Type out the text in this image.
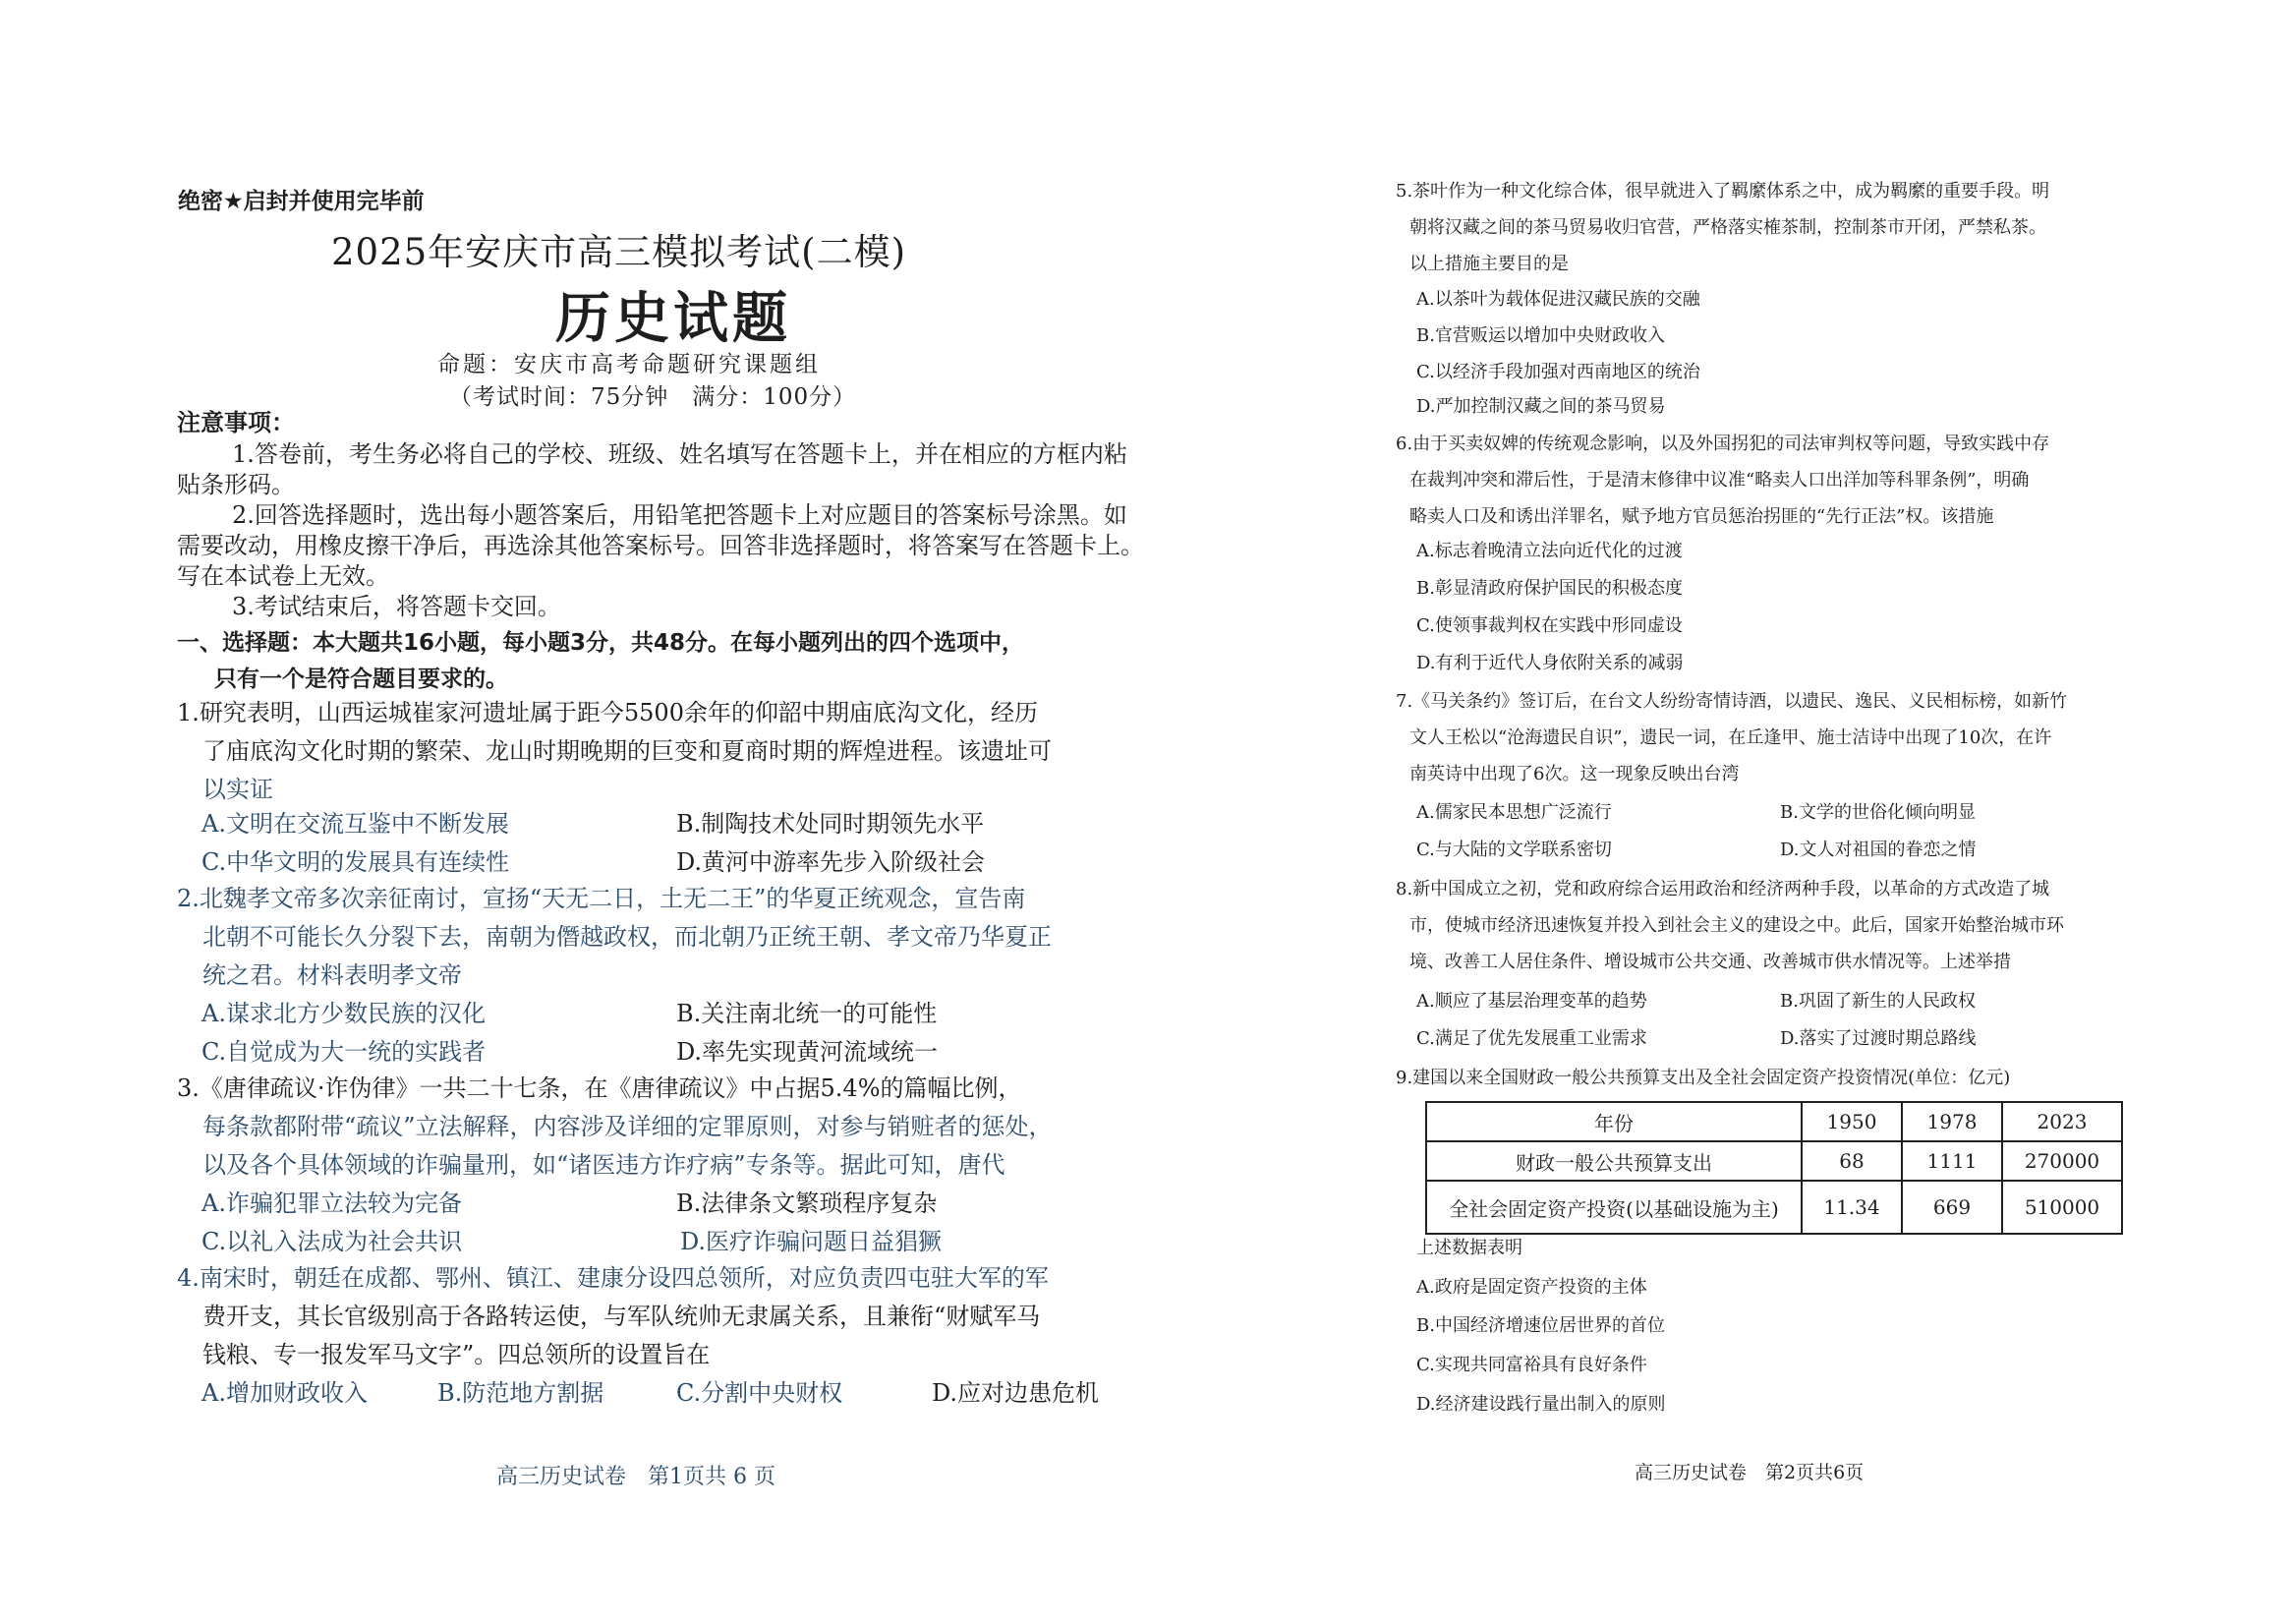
绝密★启封并使用完毕前
2025年安庆市高三模拟考试(二模)
历史试题
命题：安庆市高考命题研究课题组
（考试时间：75分钟　满分：100分）
注意事项：
1.答卷前，考生务必将自己的学校、班级、姓名填写在答题卡上，并在相应的方框内粘贴条形码。
2.回答选择题时，选出每小题答案后，用铅笔把答题卡上对应题目的答案标号涂黑。如需要改动，用橡皮擦干净后，再选涂其他答案标号。回答非选择题时，将答案写在答题卡上。写在本试卷上无效。
3.考试结束后，将答题卡交回。
一、选择题：本大题共16小题，每小题3分，共48分。在每小题列出的四个选项中，
只有一个是符合题目要求的。
1.研究表明，山西运城崔家河遗址属于距今5500余年的仰韶中期庙底沟文化，经历
了庙底沟文化时期的繁荣、龙山时期晚期的巨变和夏商时期的辉煌进程。该遗址可
以实证
A.文明在交流互鉴中不断发展	B.制陶技术处同时期领先水平
C.中华文明的发展具有连续性	D.黄河中游率先步入阶级社会
2.北魏孝文帝多次亲征南讨，宣扬“天无二日，土无二王”的华夏正统观念，宣告南
北朝不可能长久分裂下去，南朝为僭越政权，而北朝乃正统王朝、孝文帝乃华夏正
统之君。材料表明孝文帝
A.谋求北方少数民族的汉化	B.关注南北统一的可能性
C.自觉成为大一统的实践者	D.率先实现黄河流域统一
3.《唐律疏议·诈伪律》一共二十七条，在《唐律疏议》中占据5.4%的篇幅比例，
每条款都附带“疏议”立法解释，内容涉及详细的定罪原则，对参与销赃者的惩处，
以及各个具体领域的诈骗量刑，如“诸医违方诈疗病”专条等。据此可知，唐代
A.诈骗犯罪立法较为完备	B.法律条文繁琐程序复杂
C.以礼入法成为社会共识	D.医疗诈骗问题日益猖獗
4.南宋时，朝廷在成都、鄂州、镇江、建康分设四总领所，对应负责四屯驻大军的军
费开支，其长官级别高于各路转运使，与军队统帅无隶属关系，且兼衔“财赋军马
钱粮、专一报发军马文字”。四总领所的设置旨在
A.增加财政收入	B.防范地方割据	C.分割中央财权	D.应对边患危机
高三历史试卷　第1页共 6 页
5.茶叶作为一种文化综合体，很早就进入了羁縻体系之中，成为羁縻的重要手段。明
朝将汉藏之间的茶马贸易收归官营，严格落实榷茶制，控制茶市开闭，严禁私茶。
以上措施主要目的是
A.以茶叶为载体促进汉藏民族的交融
B.官营贩运以增加中央财政收入
C.以经济手段加强对西南地区的统治
D.严加控制汉藏之间的茶马贸易
6.由于买卖奴婢的传统观念影响，以及外国拐犯的司法审判权等问题，导致实践中存
在裁判冲突和滞后性，于是清末修律中议准“略卖人口出洋加等科罪条例”，明确
略卖人口及和诱出洋罪名，赋予地方官员惩治拐匪的“先行正法”权。该措施
A.标志着晚清立法向近代化的过渡
B.彰显清政府保护国民的积极态度
C.使领事裁判权在实践中形同虚设
D.有利于近代人身依附关系的减弱
7.《马关条约》签订后，在台文人纷纷寄情诗酒，以遗民、逸民、义民相标榜，如新竹
文人王松以“沧海遗民自识”，遗民一词，在丘逢甲、施士洁诗中出现了10次，在许
南英诗中出现了6次。这一现象反映出台湾
A.儒家民本思想广泛流行	B.文学的世俗化倾向明显
C.与大陆的文学联系密切	D.文人对祖国的眷恋之情
8.新中国成立之初，党和政府综合运用政治和经济两种手段，以革命的方式改造了城
市，使城市经济迅速恢复并投入到社会主义的建设之中。此后，国家开始整治城市环
境、改善工人居住条件、增设城市公共交通、改善城市供水情况等。上述举措
A.顺应了基层治理变革的趋势	B.巩固了新生的人民政权
C.满足了优先发展重工业需求	D.落实了过渡时期总路线
9.建国以来全国财政一般公共预算支出及全社会固定资产投资情况(单位：亿元)
年份	1950	1978	2023
财政一般公共预算支出	68	1111	270000
全社会固定资产投资(以基础设施为主)	11.34	669	510000
上述数据表明
A.政府是固定资产投资的主体
B.中国经济增速位居世界的首位
C.实现共同富裕具有良好条件
D.经济建设践行量出制入的原则
高三历史试卷　第2页共6页
